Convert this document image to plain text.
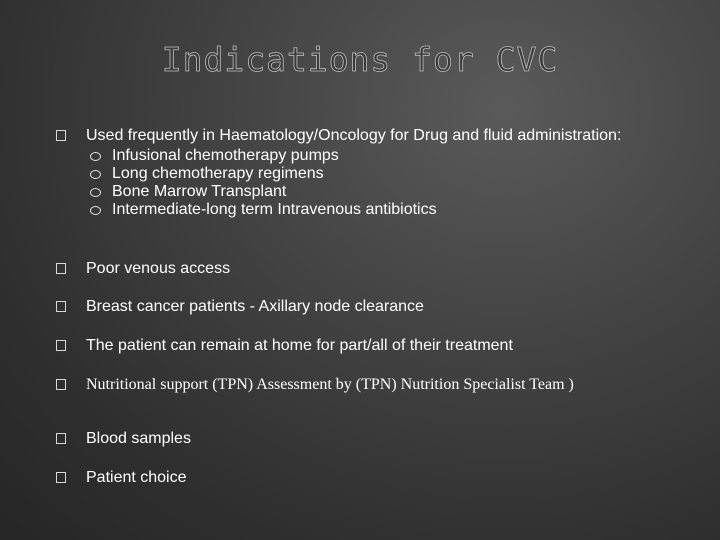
Indications for CVC
Used frequently in Haematology/Oncology for Drug and fluid administration:
Infusional chemotherapy pumps
Long chemotherapy regimens
Bone Marrow Transplant
Intermediate-long term Intravenous antibiotics
Poor venous access
Breast cancer patients - Axillary node clearance
The patient can remain at home for part/all of their treatment
Nutritional support (TPN) Assessment by (TPN) Nutrition Specialist Team )
Blood samples
Patient choice
